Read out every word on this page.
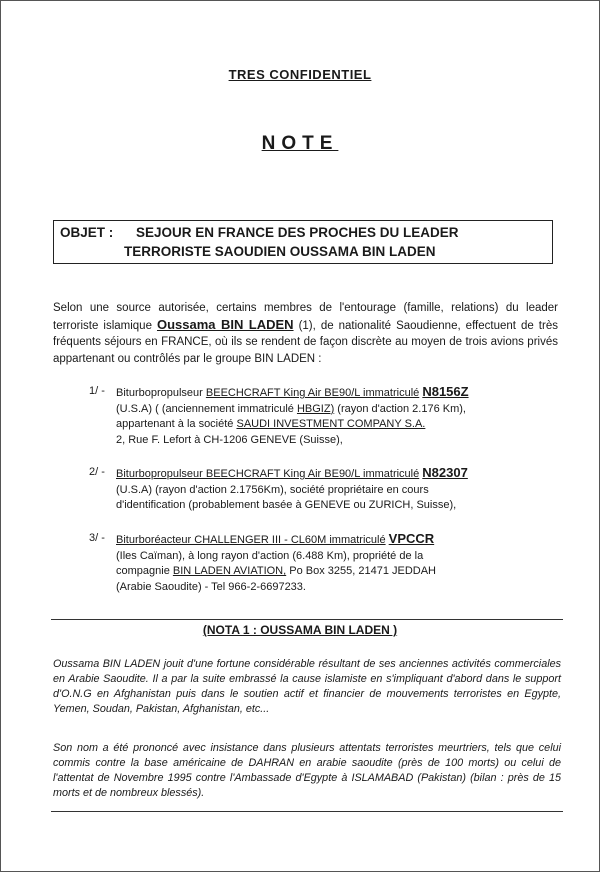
TRES CONFIDENTIEL
NOTE
OBJET : SEJOUR EN FRANCE DES PROCHES DU LEADER
TERRORISTE SAOUDIEN OUSSAMA BIN LADEN
Selon une source autorisée, certains membres de l'entourage (famille, relations) du leader terroriste islamique Oussama BIN LADEN (1), de nationalité Saoudienne, effectuent de très fréquents séjours en FRANCE, où ils se rendent de façon discrète au moyen de trois avions privés appartenant ou contrôlés par le groupe BIN LADEN :
1/ - Biturbopropulseur BEECHCRAFT King Air BE90/L immatriculé N8156Z
(U.S.A) ( (anciennement immatriculé HBGIZ) (rayon d'action 2.176 Km),
appartenant à la société SAUDI INVESTMENT COMPANY S.A.
2, Rue F. Lefort à CH-1206 GENEVE (Suisse),
2/ - Biturbopropulseur BEECHCRAFT King Air BE90/L immatriculé N82307
(U.S.A) (rayon d'action 2.1756Km), société propriétaire en cours
d'identification (probablement basée à GENEVE ou ZURICH, Suisse),
3/ - Biturboréacteur CHALLENGER III - CL60M immatriculé VPCCR
(Iles Caïman), à long rayon d'action (6.488 Km), propriété de la
compagnie BIN LADEN AVIATION, Po Box 3255, 21471 JEDDAH
(Arabie Saoudite) - Tel 966-2-6697233.
(NOTA 1 : OUSSAMA BIN LADEN )
Oussama BIN LADEN jouit d'une fortune considérable résultant de ses anciennes activités commerciales en Arabie Saoudite. Il a par la suite embrassé la cause islamiste en s'impliquant d'abord dans le support d'O.N.G en Afghanistan puis dans le soutien actif et financier de mouvements terroristes en Egypte, Yemen, Soudan, Pakistan, Afghanistan, etc...
Son nom a été prononcé avec insistance dans plusieurs attentats terroristes meurtriers, tels que celui commis contre la base américaine de DAHRAN en arabie saoudite (près de 100 morts) ou celui de l'attentat de Novembre 1995 contre l'Ambassade d'Egypte à ISLAMABAD (Pakistan) (bilan : près de 15 morts et de nombreux blessés).
